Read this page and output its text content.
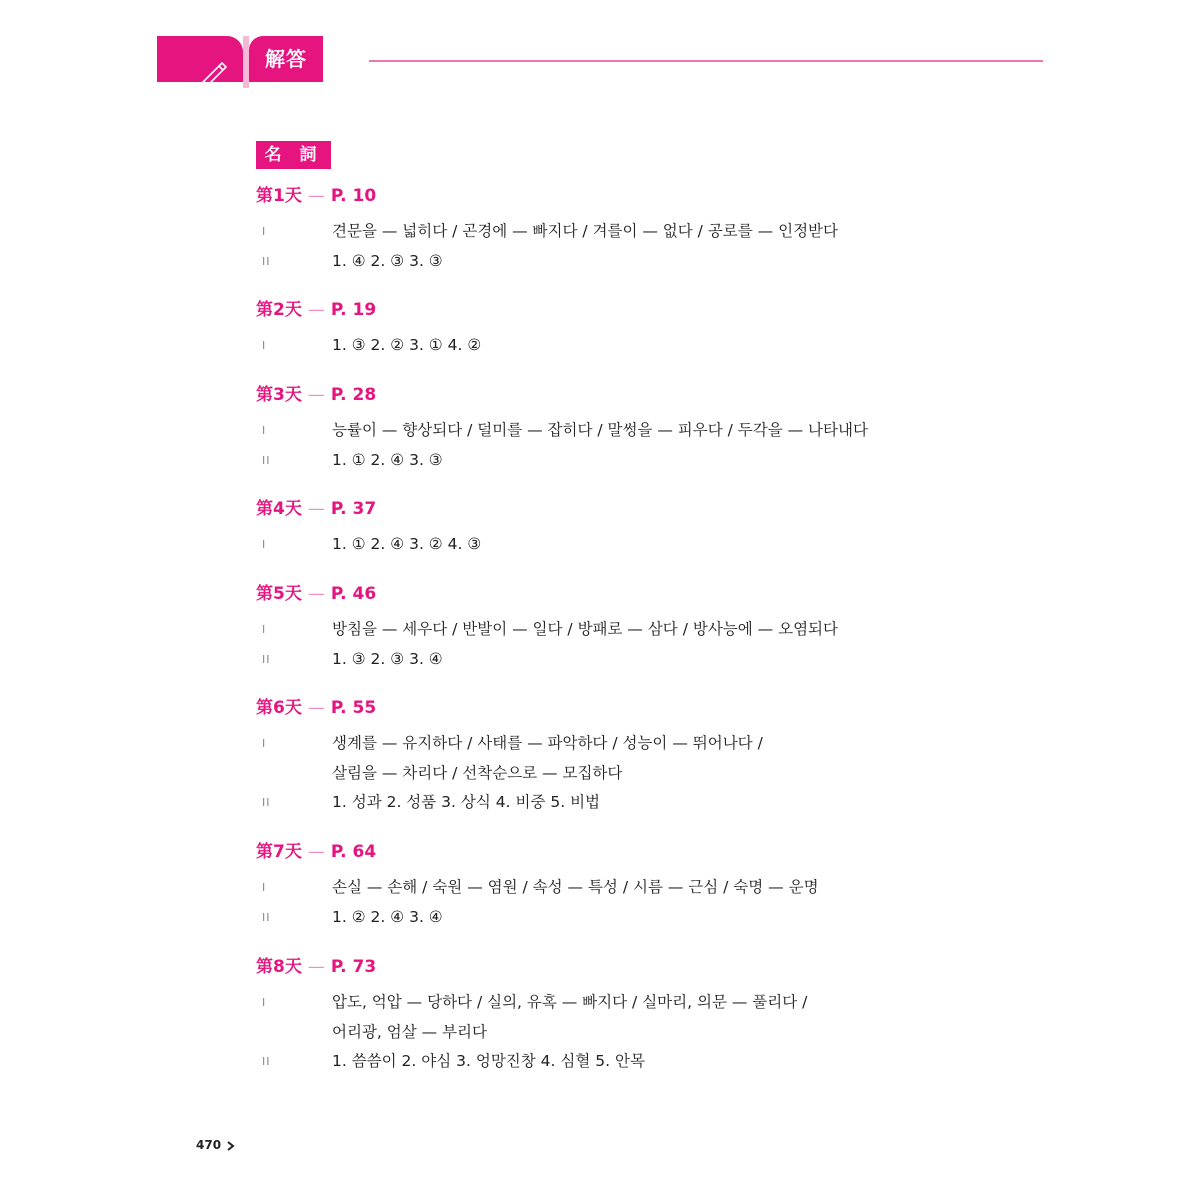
解答
名 詞
第1天 — P. 10
I	견문을 — 넓히다 / 곤경에 — 빠지다 / 겨를이 — 없다 / 공로를 — 인정받다
II	1. ④ 2. ③ 3. ③
第2天 — P. 19
I	1. ③ 2. ② 3. ① 4. ②
第3天 — P. 28
I	능률이 — 향상되다 / 덜미를 — 잡히다 / 말썽을 — 피우다 / 두각을 — 나타내다
II	1. ① 2. ④ 3. ③
第4天 — P. 37
I	1. ① 2. ④ 3. ② 4. ③
第5天 — P. 46
I	방침을 — 세우다 / 반발이 — 일다 / 방패로 — 삼다 / 방사능에 — 오염되다
II	1. ③ 2. ③ 3. ④
第6天 — P. 55
I	생계를 — 유지하다 / 사태를 — 파악하다 / 성능이 — 뛰어나다 /
살림을 — 차리다 / 선착순으로 — 모집하다
II	1. 성과 2. 성품 3. 상식 4. 비중 5. 비법
第7天 — P. 64
I	손실 — 손해 / 숙원 — 염원 / 속성 — 특성 / 시름 — 근심 / 숙명 — 운명
II	1. ② 2. ④ 3. ④
第8天 — P. 73
I	압도, 억압 — 당하다 / 실의, 유혹 — 빠지다 / 실마리, 의문 — 풀리다 /
어리광, 엄살 — 부리다
II	1. 씀씀이 2. 야심 3. 엉망진창 4. 심혈 5. 안목
470
